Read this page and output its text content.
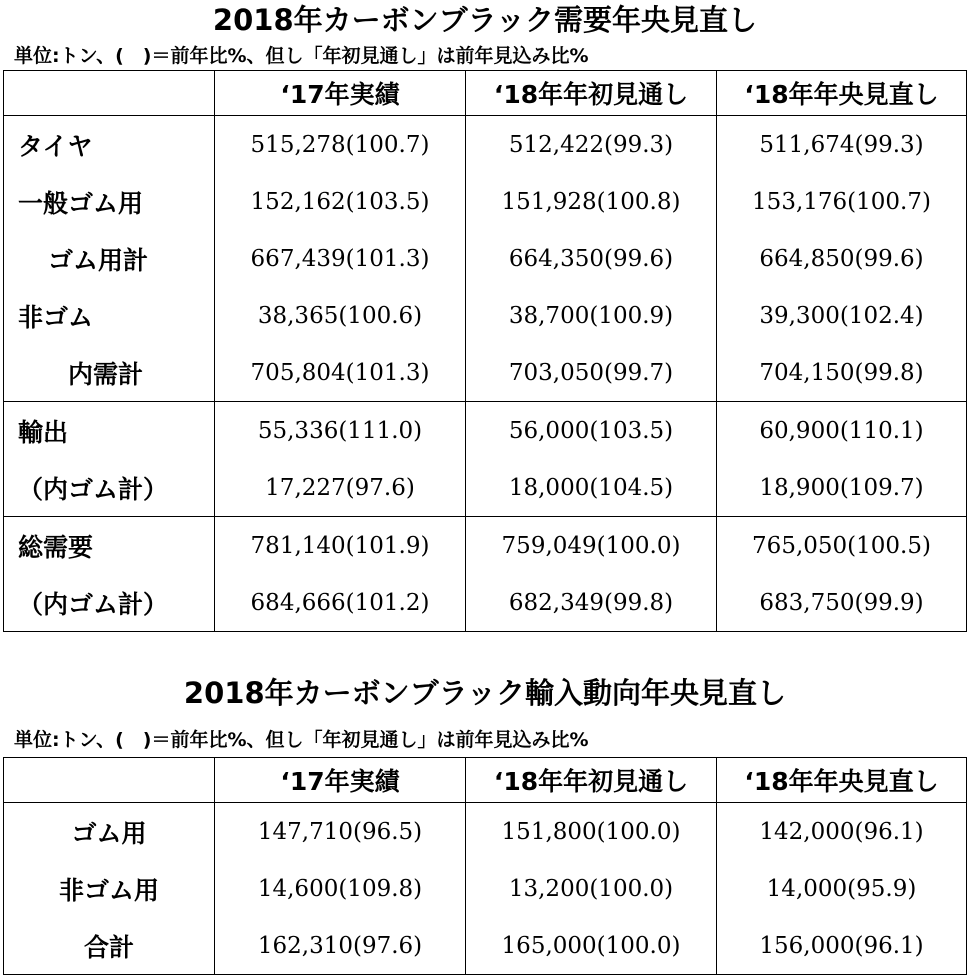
2018年カーボンブラック需要年央見直し
単位:トン、(　)＝前年比%、但し「年初見通し」は前年見込み比%
	‘17年実績	‘18年年初見通し	‘18年年央見直し
タイヤ	515,278(100.7)	512,422(99.3)	511,674(99.3)
一般ゴム用	152,162(103.5)	151,928(100.8)	153,176(100.7)
ゴム用計	667,439(101.3)	664,350(99.6)	664,850(99.6)
非ゴム	38,365(100.6)	38,700(100.9)	39,300(102.4)
内需計	705,804(101.3)	703,050(99.7)	704,150(99.8)
輸出	55,336(111.0)	56,000(103.5)	60,900(110.1)
（内ゴム計）	17,227(97.6)	18,000(104.5)	18,900(109.7)
総需要	781,140(101.9)	759,049(100.0)	765,050(100.5)
（内ゴム計）	684,666(101.2)	682,349(99.8)	683,750(99.9)
2018年カーボンブラック輸入動向年央見直し
単位:トン、(　)＝前年比%、但し「年初見通し」は前年見込み比%
	‘17年実績	‘18年年初見通し	‘18年年央見直し
ゴム用	147,710(96.5)	151,800(100.0)	142,000(96.1)
非ゴム用	14,600(109.8)	13,200(100.0)	14,000(95.9)
合計	162,310(97.6)	165,000(100.0)	156,000(96.1)
